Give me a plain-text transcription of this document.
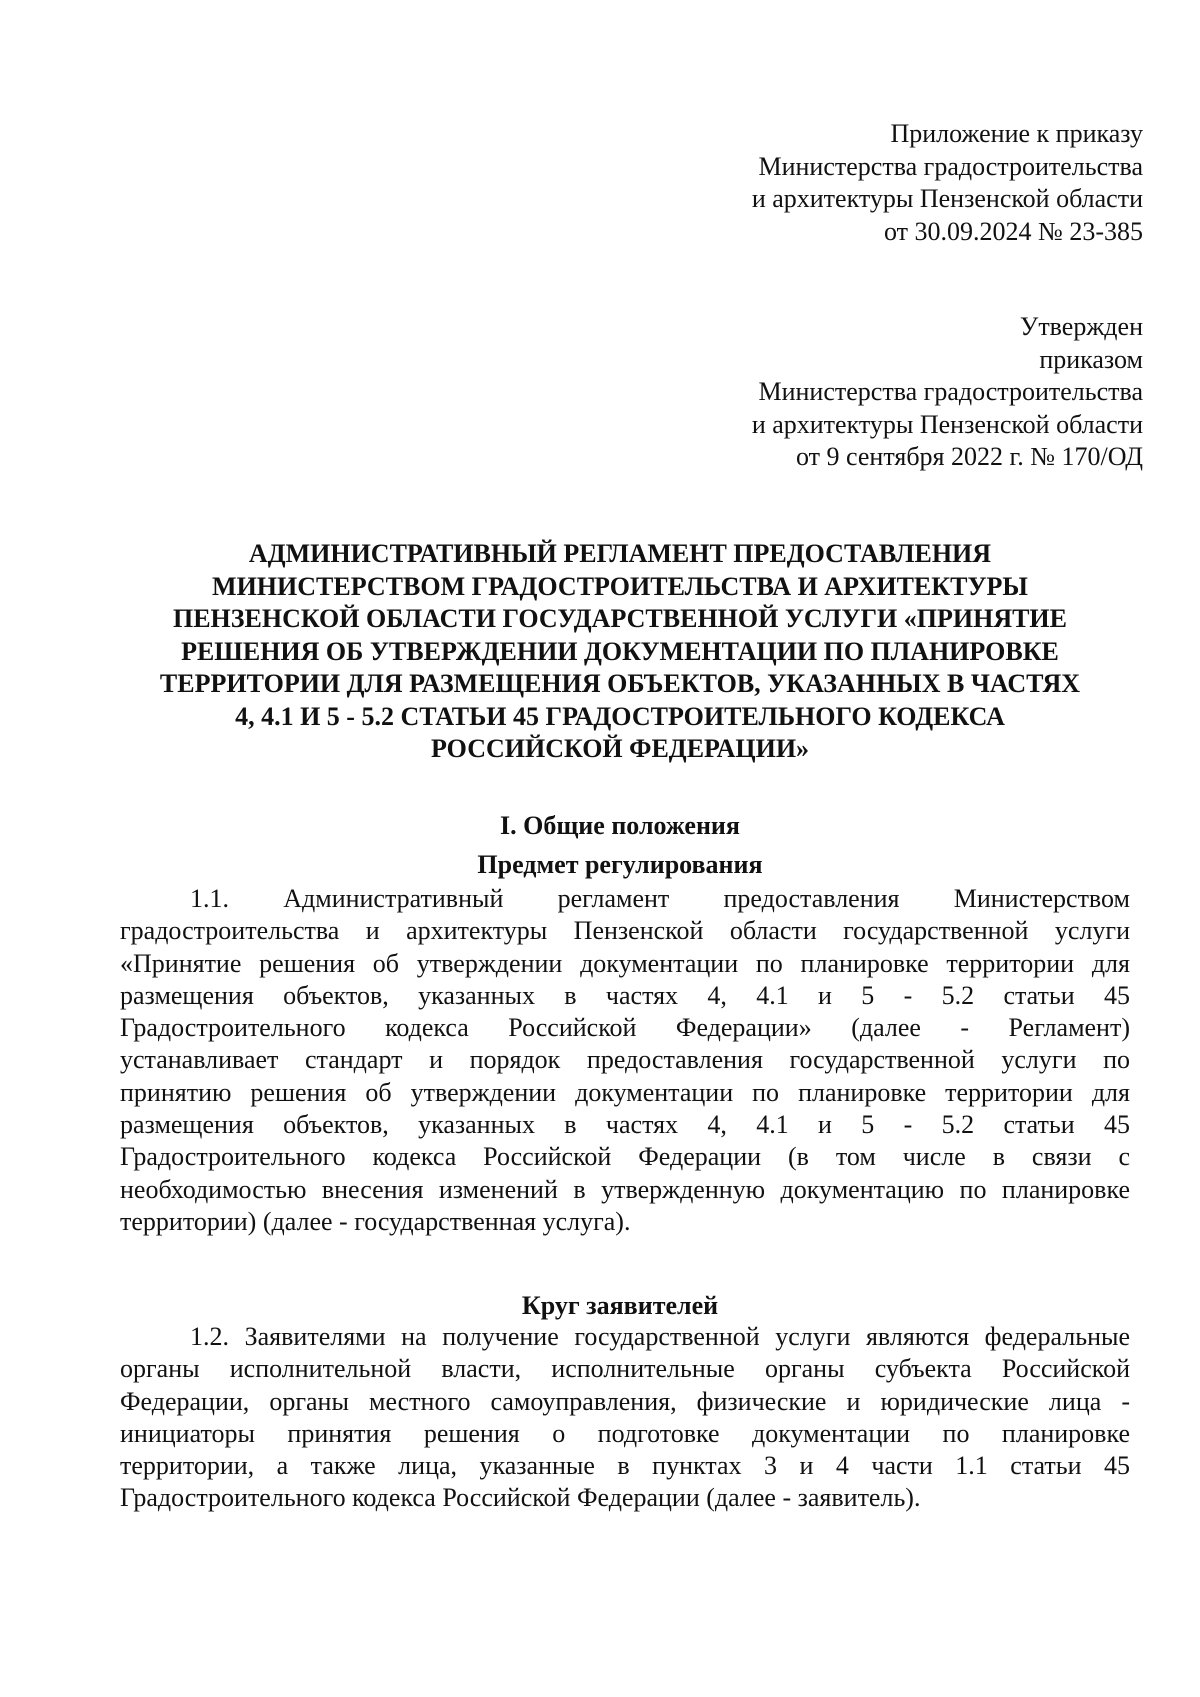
Приложение к приказу
Министерства градостроительства
и архитектуры Пензенской области
от 30.09.2024 № 23-385
Утвержден
приказом
Министерства градостроительства
и архитектуры Пензенской области
от 9 сентября 2022 г. № 170/ОД
АДМИНИСТРАТИВНЫЙ РЕГЛАМЕНТ ПРЕДОСТАВЛЕНИЯ
МИНИСТЕРСТВОМ ГРАДОСТРОИТЕЛЬСТВА И АРХИТЕКТУРЫ
ПЕНЗЕНСКОЙ ОБЛАСТИ ГОСУДАРСТВЕННОЙ УСЛУГИ «ПРИНЯТИЕ
РЕШЕНИЯ ОБ УТВЕРЖДЕНИИ ДОКУМЕНТАЦИИ ПО ПЛАНИРОВКЕ
ТЕРРИТОРИИ ДЛЯ РАЗМЕЩЕНИЯ ОБЪЕКТОВ, УКАЗАННЫХ В ЧАСТЯХ
4, 4.1 И 5 - 5.2 СТАТЬИ 45 ГРАДОСТРОИТЕЛЬНОГО КОДЕКСА
РОССИЙСКОЙ ФЕДЕРАЦИИ»
I. Общие положения
Предмет регулирования
1.1. Административный регламент предоставления Министерством
градостроительства и архитектуры Пензенской области государственной услуги
«Принятие решения об утверждении документации по планировке территории для
размещения объектов, указанных в частях 4, 4.1 и 5 - 5.2 статьи 45
Градостроительного кодекса Российской Федерации» (далее - Регламент)
устанавливает стандарт и порядок предоставления государственной услуги по
принятию решения об утверждении документации по планировке территории для
размещения объектов, указанных в частях 4, 4.1 и 5 - 5.2 статьи 45
Градостроительного кодекса Российской Федерации (в том числе в связи с
необходимостью внесения изменений в утвержденную документацию по планировке
территории) (далее - государственная услуга).
Круг заявителей
1.2. Заявителями на получение государственной услуги являются федеральные
органы исполнительной власти, исполнительные органы субъекта Российской
Федерации, органы местного самоуправления, физические и юридические лица -
инициаторы принятия решения о подготовке документации по планировке
территории, а также лица, указанные в пунктах 3 и 4 части 1.1 статьи 45
Градостроительного кодекса Российской Федерации (далее - заявитель).
